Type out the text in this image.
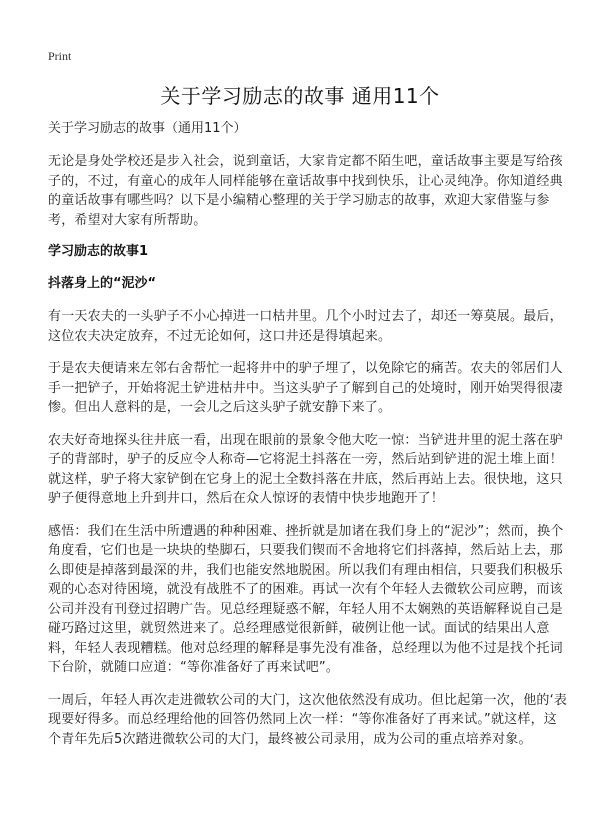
Print
关于学习励志的故事 通用11个
关于学习励志的故事（通用11个）

无论是身处学校还是步入社会，说到童话，大家肯定都不陌生吧，童话故事主要是写给孩子的，不过，有童心的成年人同样能够在童话故事中找到快乐，让心灵纯净。你知道经典的童话故事有哪些吗？以下是小编精心整理的关于学习励志的故事，欢迎大家借鉴与参考，希望对大家有所帮助。

学习励志的故事1
抖落身上的“泥沙“

有一天农夫的一头驴子不小心掉进一口枯井里。几个小时过去了，却还一筹莫展。最后，这位农夫决定放弃，不过无论如何，这口井还是得填起来。

于是农夫便请来左邻右舍帮忙一起将井中的驴子埋了，以免除它的痛苦。农夫的邻居们人手一把铲子，开始将泥土铲进枯井中。当这头驴子了解到自己的处境时，刚开始哭得很凄惨。但出人意料的是，一会儿之后这头驴子就安静下来了。

农夫好奇地探头往井底一看，出现在眼前的景象令他大吃一惊：当铲进井里的泥土落在驴子的背部时，驴子的反应令人称奇—它将泥土抖落在一旁，然后站到铲进的泥土堆上面！就这样，驴子将大家铲倒在它身上的泥土全数抖落在井底，然后再站上去。很快地，这只驴子便得意地上升到井口，然后在众人惊讶的表情中快步地跑开了！

感悟：我们在生活中所遭遇的种种困难、挫折就是加诸在我们身上的“泥沙”；然而，换个角度看，它们也是一块块的垫脚石，只要我们锲而不舍地将它们抖落掉，然后站上去，那么即使是掉落到最深的井，我们也能安然地脱困。所以我们有理由相信，只要我们积极乐观的心态对待困境，就没有战胜不了的困难。再试一次有个年轻人去微软公司应聘，而该公司并没有刊登过招聘广告。见总经理疑惑不解，年轻人用不太娴熟的英语解释说自己是碰巧路过这里，就贸然进来了。总经理感觉很新鲜，破例让他一试。面试的结果出人意料，年轻人表现糟糕。他对总经理的解释是事先没有准备，总经理以为他不过是找个托词下台阶，就随口应道：“等你准备好了再来试吧”。

一周后，年轻人再次走进微软公司的大门，这次他依然没有成功。但比起第一次，他的‘表现要好得多。而总经理给他的回答仍然同上次一样：“等你准备好了再来试。”就这样，这个青年先后5次踏进微软公司的大门，最终被公司录用，成为公司的重点培养对象。
